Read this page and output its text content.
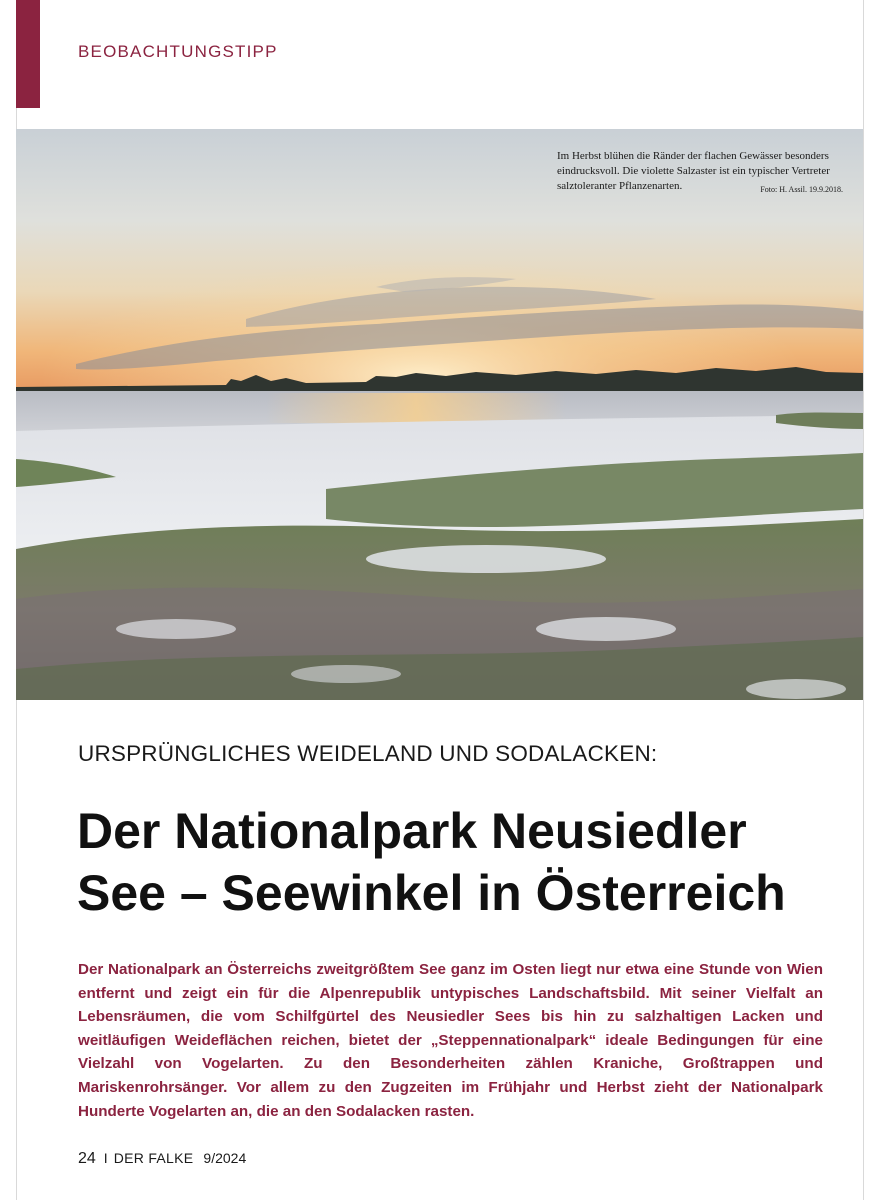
BEOBACHTUNGSTIPP
Im Herbst blühen die Ränder der flachen Gewässer besonders eindrucksvoll. Die violette Salzaster ist ein typischer Vertreter salztoleranter Pflanzenarten.	Foto: H. Assil. 19.9.2018.
URSPRÜNGLICHES WEIDELAND UND SODALACKEN:
Der Nationalpark Neusiedler
See – Seewinkel in Österreich

Der Nationalpark an Österreichs zweitgrößtem See ganz im Osten liegt nur etwa eine Stunde von Wien entfernt und zeigt ein für die Alpenrepublik untypisches Landschaftsbild. Mit seiner Vielfalt an Lebensräumen, die vom Schilfgürtel des Neusiedler Sees bis hin zu salzhaltigen Lacken und weitläufigen Weideflächen reichen, bietet der „Steppennationalpark“ ideale Bedingungen für eine Vielzahl von Vogelarten. Zu den Besonderheiten zählen Kraniche, Großtrappen und Mariskenrohrsänger. Vor allem zu den Zugzeiten im Frühjahr und Herbst zieht der Nationalpark Hunderte Vogelarten an, die an den Sodalacken rasten.

24 I DER FALKE 9/2024
